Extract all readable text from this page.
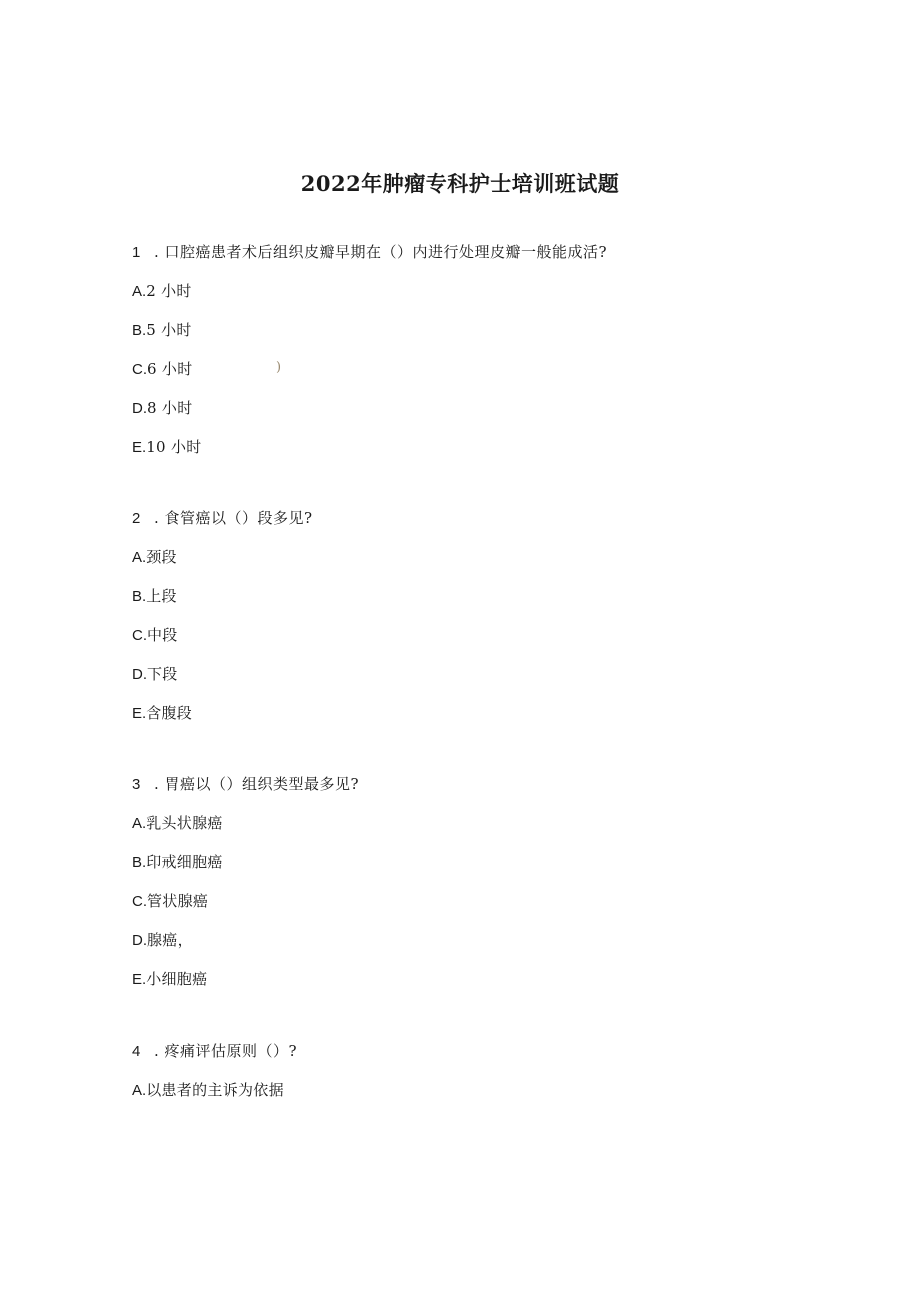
2022年肿瘤专科护士培训班试题
1 . 口腔癌患者术后组织皮瓣早期在（）内进行处理皮瓣一般能成活?
A.2 小时
B.5 小时
C.6 小时	)
D.8 小时
E.10 小时
2 . 食管癌以（）段多见?
A.颈段
B.上段
C.中段
D.下段
E.含腹段
3 . 胃癌以（）组织类型最多见?
A.乳头状腺癌
B.印戒细胞癌
C.管状腺癌
D.腺癌，
E.小细胞癌
4 . 疼痛评估原则（）?
A.以患者的主诉为依据
